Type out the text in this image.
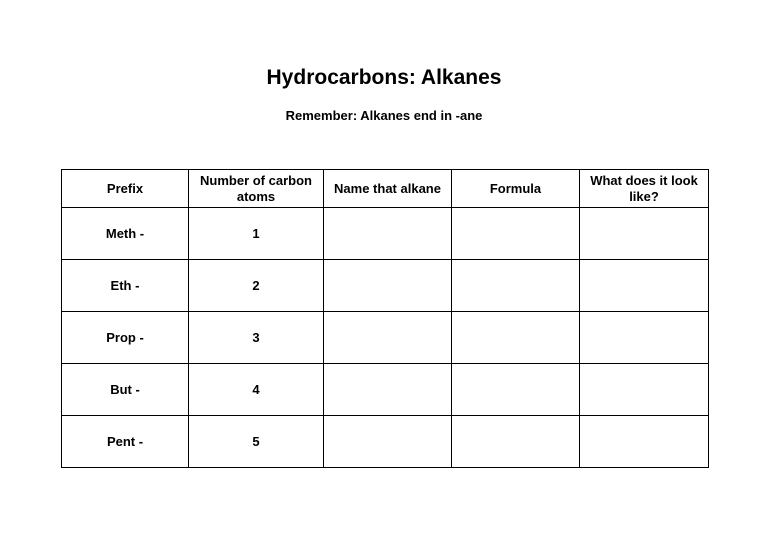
Hydrocarbons: Alkanes

Remember: Alkanes end in -ane

Prefix	Number of carbon atoms	Name that alkane	Formula	What does it look like?
Meth -	1			
Eth -	2			
Prop -	3			
But -	4			
Pent -	5			
